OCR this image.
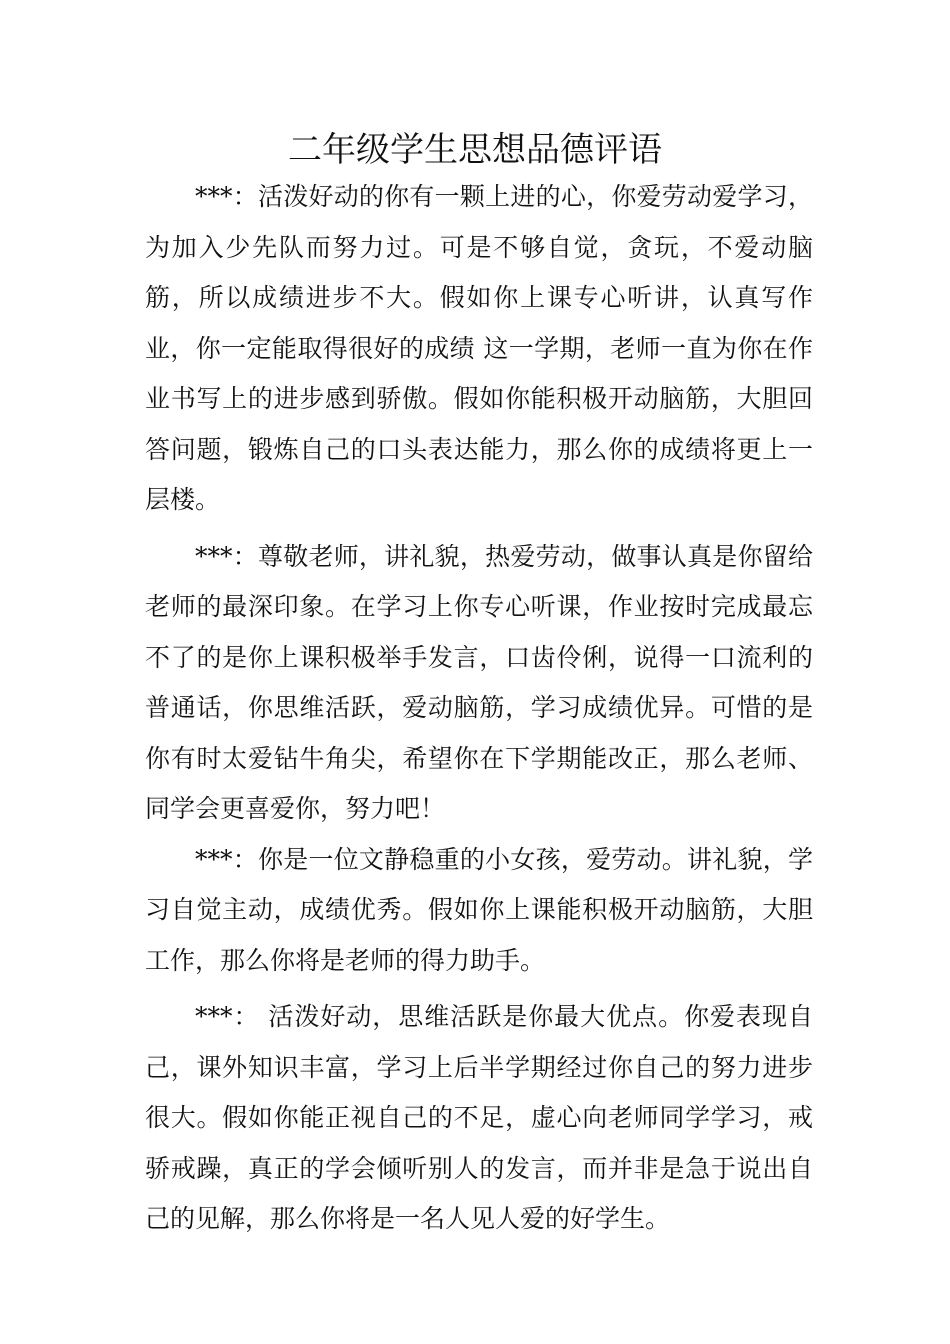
二年级学生思想品德评语

***：活泼好动的你有一颗上进的心，你爱劳动爱学习，为加入少先队而努力过。可是不够自觉，贪玩，不爱动脑筋，所以成绩进步不大。假如你上课专心听讲，认真写作业，你一定能取得很好的成绩 这一学期，老师一直为你在作业书写上的进步感到骄傲。假如你能积极开动脑筋，大胆回答问题，锻炼自己的口头表达能力，那么你的成绩将更上一层楼。

***：尊敬老师，讲礼貌，热爱劳动，做事认真是你留给老师的最深印象。在学习上你专心听课，作业按时完成最忘不了的是你上课积极举手发言，口齿伶俐，说得一口流利的普通话，你思维活跃，爱动脑筋，学习成绩优异。可惜的是你有时太爱钻牛角尖，希望你在下学期能改正，那么老师、同学会更喜爱你，努力吧！

***：你是一位文静稳重的小女孩，爱劳动。讲礼貌，学习自觉主动，成绩优秀。假如你上课能积极开动脑筋，大胆工作，那么你将是老师的得力助手。

***： 活泼好动，思维活跃是你最大优点。你爱表现自己，课外知识丰富，学习上后半学期经过你自己的努力进步很大。假如你能正视自己的不足，虚心向老师同学学习，戒骄戒躁，真正的学会倾听别人的发言，而并非是急于说出自己的见解，那么你将是一名人见人爱的好学生。
